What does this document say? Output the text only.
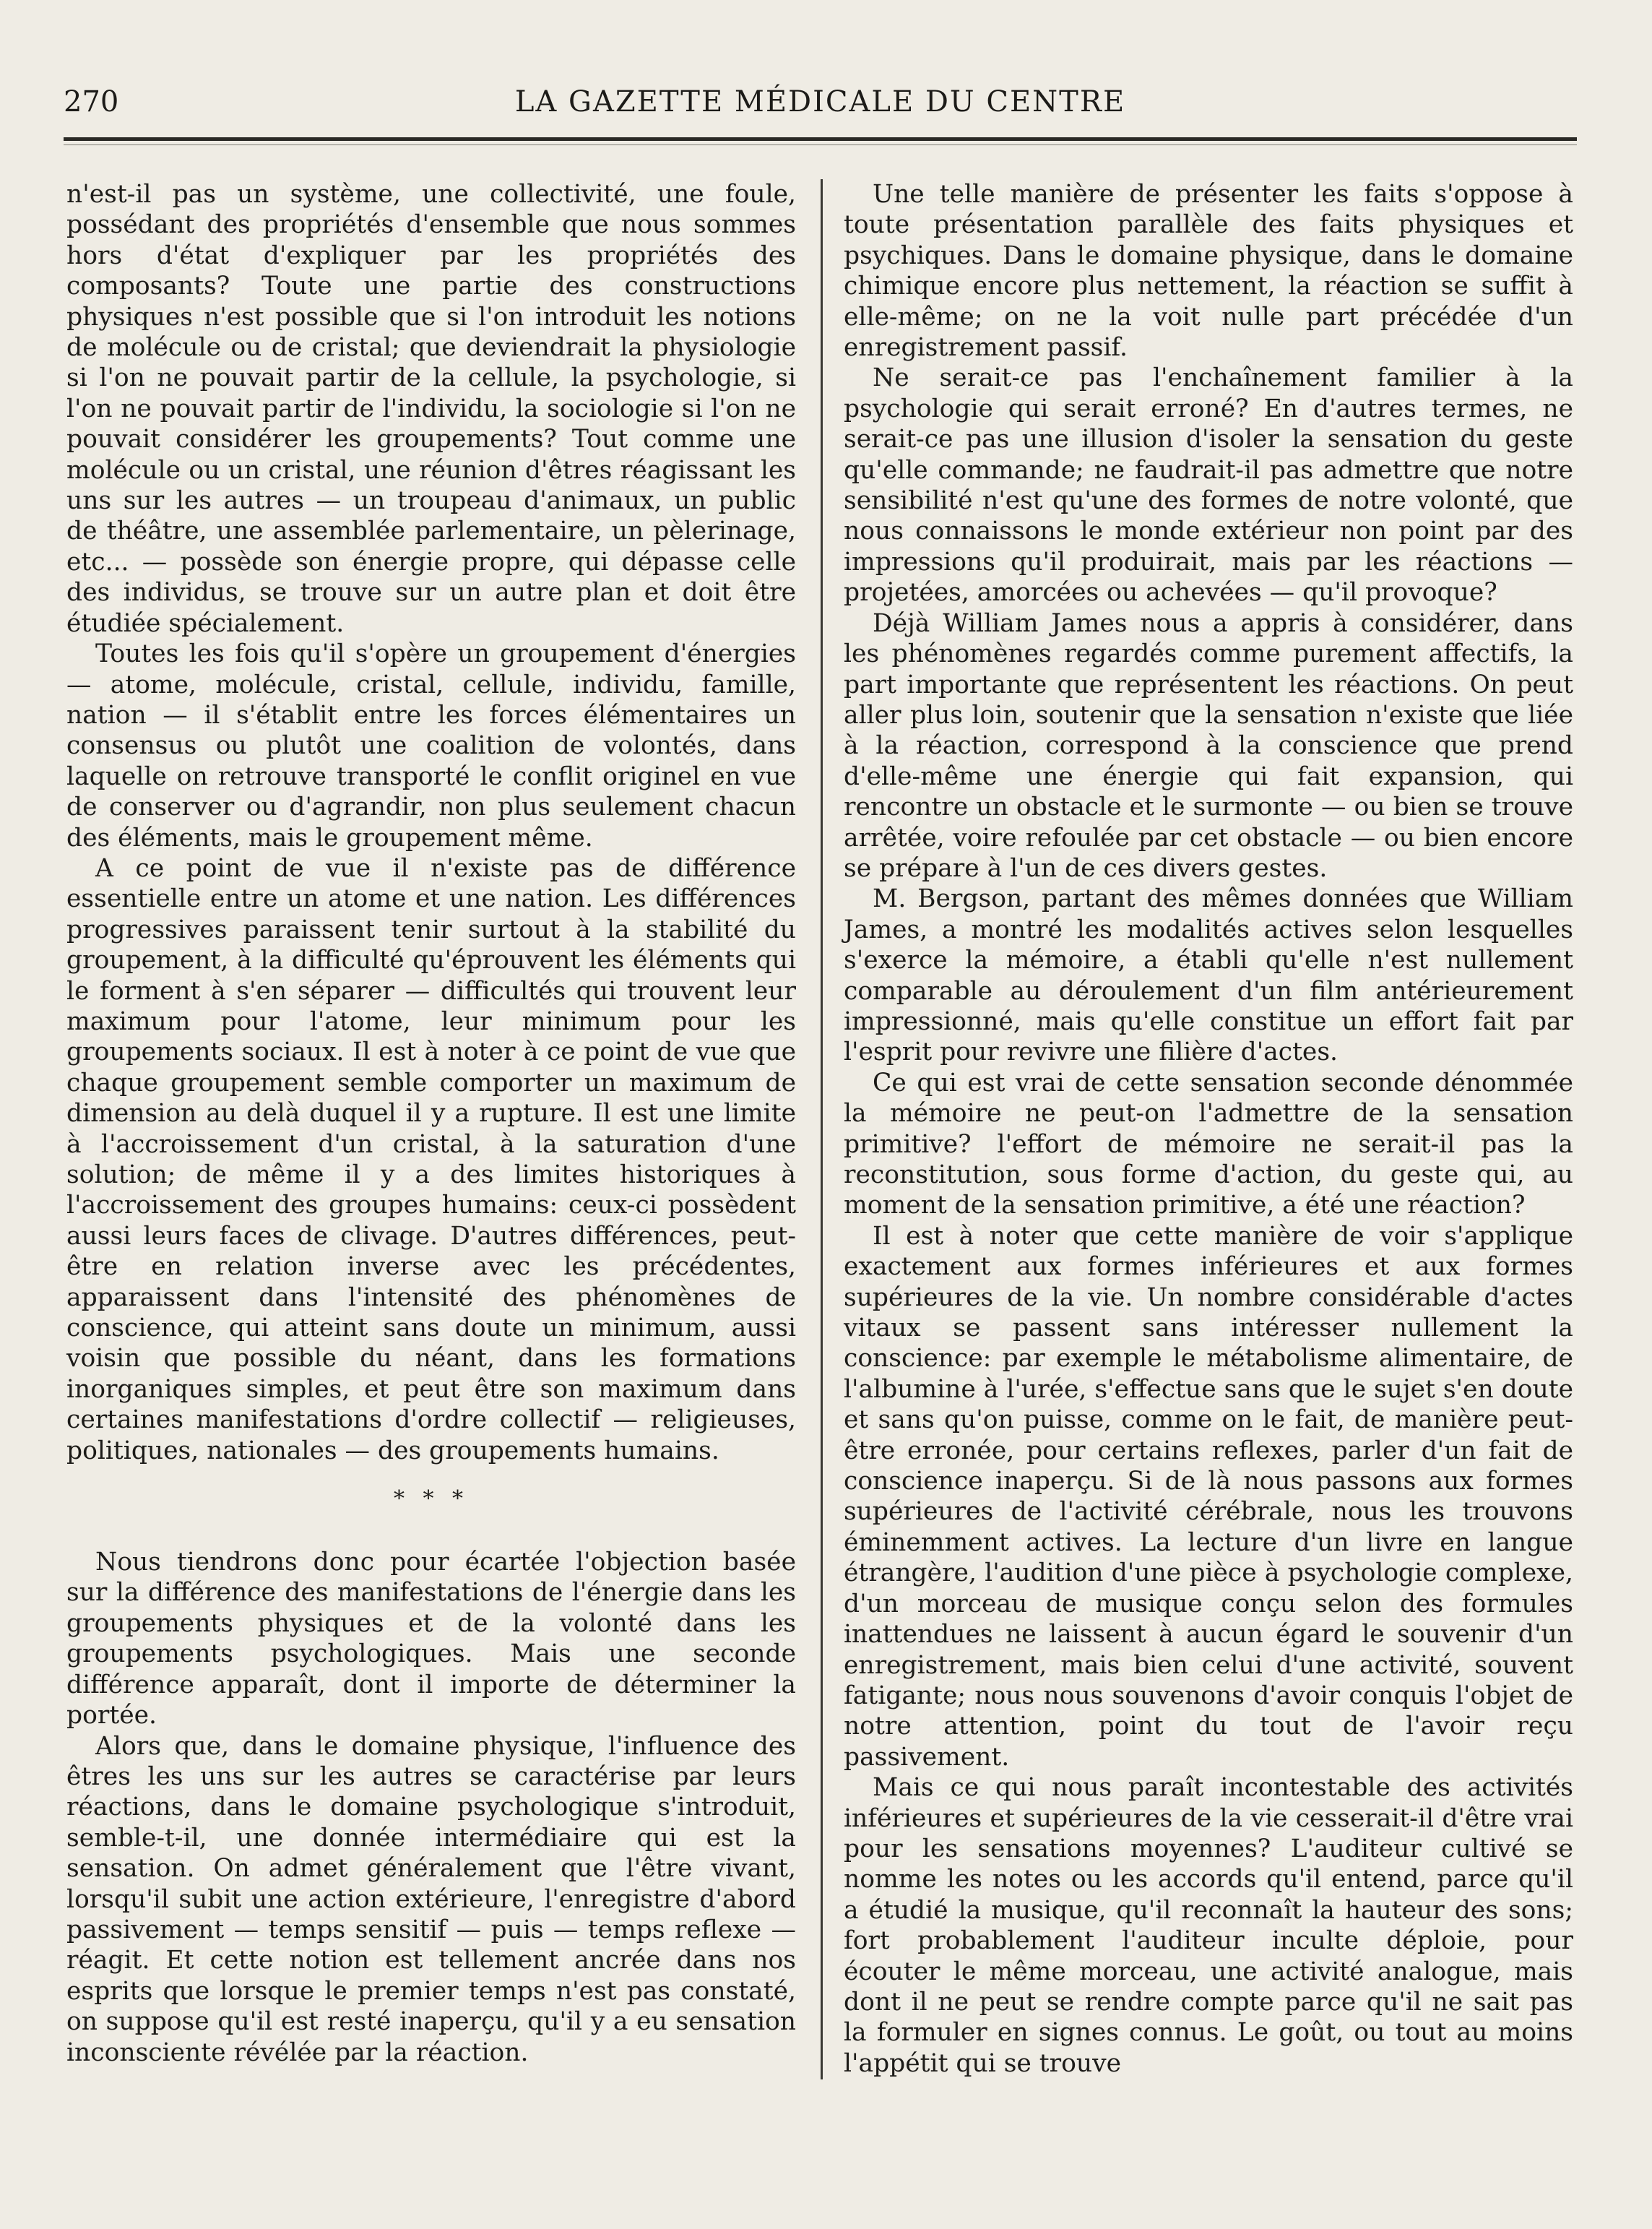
LA GAZETTE MÉDICALE DU CENTRE
270

n'est-il pas un système, une collectivité, une foule, possédant des propriétés d'ensemble que nous sommes hors d'état d'expliquer par les propriétés des composants? Toute une partie des constructions physiques n'est possible que si l'on introduit les notions de molécule ou de cristal; que deviendrait la physiologie si l'on ne pouvait partir de la cellule, la psychologie, si l'on ne pouvait partir de l'individu, la sociologie si l'on ne pouvait considérer les groupements? Tout comme une molécule ou un cristal, une réunion d'êtres réagissant les uns sur les autres — un troupeau d'animaux, un public de théâtre, une assemblée parlementaire, un pèlerinage, etc... — possède son énergie propre, qui dépasse celle des individus, se trouve sur un autre plan et doit être étudiée spécialement.

Toutes les fois qu'il s'opère un groupement d'énergies — atome, molécule, cristal, cellule, individu, famille, nation — il s'établit entre les forces élémentaires un consensus ou plutôt une coalition de volontés, dans laquelle on retrouve transporté le conflit originel en vue de conserver ou d'agrandir, non plus seulement chacun des éléments, mais le groupement même.

A ce point de vue il n'existe pas de différence essentielle entre un atome et une nation. Les différences progressives paraissent tenir surtout à la stabilité du groupement, à la difficulté qu'éprouvent les éléments qui le forment à s'en séparer — difficultés qui trouvent leur maximum pour l'atome, leur minimum pour les groupements sociaux. Il est à noter à ce point de vue que chaque groupement semble comporter un maximum de dimension au delà duquel il y a rupture. Il est une limite à l'accroissement d'un cristal, à la saturation d'une solution; de même il y a des limites historiques à l'accroissement des groupes humains: ceux-ci possèdent aussi leurs faces de clivage. D'autres différences, peut-être en relation inverse avec les précédentes, apparaissent dans l'intensité des phénomènes de conscience, qui atteint sans doute un minimum, aussi voisin que possible du néant, dans les formations inorganiques simples, et peut être son maximum dans certaines manifestations d'ordre collectif — religieuses, politiques, nationales — des groupements humains.

* * *

Nous tiendrons donc pour écartée l'objection basée sur la différence des manifestations de l'énergie dans les groupements physiques et de la volonté dans les groupements psychologiques. Mais une seconde différence apparaît, dont il importe de déterminer la portée.

Alors que, dans le domaine physique, l'influence des êtres les uns sur les autres se caractérise par leurs réactions, dans le domaine psychologique s'introduit, semble-t-il, une donnée intermédiaire qui est la sensation. On admet généralement que l'être vivant, lorsqu'il subit une action extérieure, l'enregistre d'abord passivement — temps sensitif — puis — temps reflexe — réagit. Et cette notion est tellement ancrée dans nos esprits que lorsque le premier temps n'est pas constaté, on suppose qu'il est resté inaperçu, qu'il y a eu sensation inconsciente révélée par la réaction.

Une telle manière de présenter les faits s'oppose à toute présentation parallèle des faits physiques et psychiques. Dans le domaine physique, dans le domaine chimique encore plus nettement, la réaction se suffit à elle-même; on ne la voit nulle part précédée d'un enregistrement passif.

Ne serait-ce pas l'enchaînement familier à la psychologie qui serait erroné? En d'autres termes, ne serait-ce pas une illusion d'isoler la sensation du geste qu'elle commande; ne faudrait-il pas admettre que notre sensibilité n'est qu'une des formes de notre volonté, que nous connaissons le monde extérieur non point par des impressions qu'il produirait, mais par les réactions — projetées, amorcées ou achevées — qu'il provoque?

Déjà William James nous a appris à considérer, dans les phénomènes regardés comme purement affectifs, la part importante que représentent les réactions. On peut aller plus loin, soutenir que la sensation n'existe que liée à la réaction, correspond à la conscience que prend d'elle-même une énergie qui fait expansion, qui rencontre un obstacle et le surmonte — ou bien se trouve arrêtée, voire refoulée par cet obstacle — ou bien encore se prépare à l'un de ces divers gestes.

M. Bergson, partant des mêmes données que William James, a montré les modalités actives selon lesquelles s'exerce la mémoire, a établi qu'elle n'est nullement comparable au déroulement d'un film antérieurement impressionné, mais qu'elle constitue un effort fait par l'esprit pour revivre une filière d'actes.

Ce qui est vrai de cette sensation seconde dénommée la mémoire ne peut-on l'admettre de la sensation primitive? l'effort de mémoire ne serait-il pas la reconstitution, sous forme d'action, du geste qui, au moment de la sensation primitive, a été une réaction?

Il est à noter que cette manière de voir s'applique exactement aux formes inférieures et aux formes supérieures de la vie. Un nombre considérable d'actes vitaux se passent sans intéresser nullement la conscience: par exemple le métabolisme alimentaire, de l'albumine à l'urée, s'effectue sans que le sujet s'en doute et sans qu'on puisse, comme on le fait, de manière peut-être erronée, pour certains reflexes, parler d'un fait de conscience inaperçu. Si de là nous passons aux formes supérieures de l'activité cérébrale, nous les trouvons éminemment actives. La lecture d'un livre en langue étrangère, l'audition d'une pièce à psychologie complexe, d'un morceau de musique conçu selon des formules inattendues ne laissent à aucun égard le souvenir d'un enregistrement, mais bien celui d'une activité, souvent fatigante; nous nous souvenons d'avoir conquis l'objet de notre attention, point du tout de l'avoir reçu passivement.

Mais ce qui nous paraît incontestable des activités inférieures et supérieures de la vie cesserait-il d'être vrai pour les sensations moyennes? L'auditeur cultivé se nomme les notes ou les accords qu'il entend, parce qu'il a étudié la musique, qu'il reconnaît la hauteur des sons; fort probablement l'auditeur inculte déploie, pour écouter le même morceau, une activité analogue, mais dont il ne peut se rendre compte parce qu'il ne sait pas la formuler en signes connus. Le goût, ou tout au moins l'appétit qui se trouve
